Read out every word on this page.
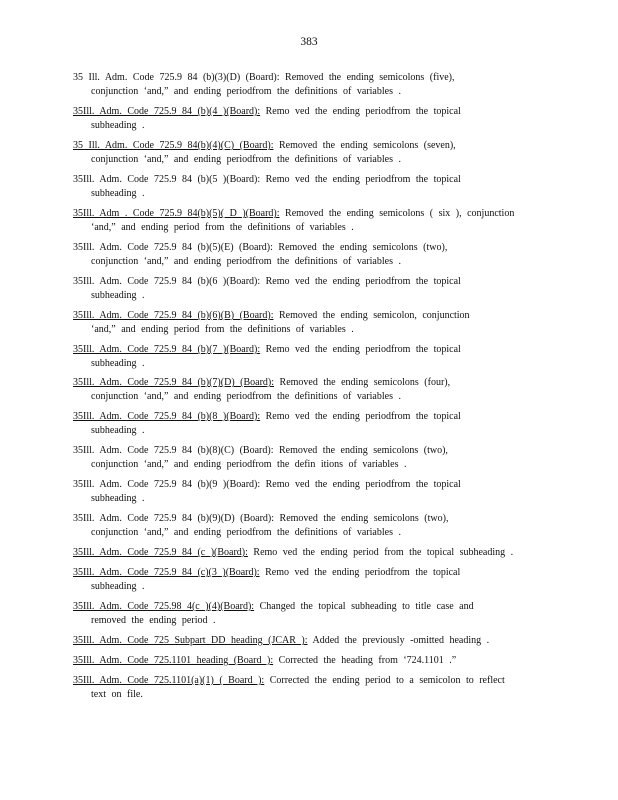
383
35 Ill. Adm. Code 725.9 84 (b)(3)(D) (Board): Removed the ending semicolons (five),
conjunction ‘and,” and ending periodfrom the definitions of variables .
35Ill. Adm. Code 725.9 84 (b)(4 )(Board): Remo ved the ending periodfrom the topical
subheading .
35 Ill. Adm. Code 725.9 84(b)(4)(C) (Board): Removed the ending semicolons (seven),
conjunction ‘and,” and ending periodfrom the definitions of variables .
35Ill. Adm. Code 725.9 84 (b)(5 )(Board): Remo ved the ending periodfrom the topical
subheading .
35Ill. Adm . Code 725.9 84(b)(5)( D )(Board): Removed the ending semicolons ( six ), conjunction
‘and,” and ending period from the definitions of variables .
35Ill. Adm. Code 725.9 84 (b)(5)(E) (Board): Removed the ending semicolons (two),
conjunction ‘and,” and ending periodfrom the definitions of variables .
35Ill. Adm. Code 725.9 84 (b)(6 )(Board): Remo ved the ending periodfrom the topical
subheading .
35Ill. Adm. Code 725.9 84 (b)(6)(B) (Board): Removed the ending semicolon, conjunction
‘and,” and ending period from the definitions of variables .
35Ill. Adm. Code 725.9 84 (b)(7 )(Board): Remo ved the ending periodfrom the topical
subheading .
35Ill. Adm. Code 725.9 84 (b)(7)(D) (Board): Removed the ending semicolons (four),
conjunction ‘and,” and ending periodfrom the definitions of variables .
35Ill. Adm. Code 725.9 84 (b)(8 )(Board): Remo ved the ending periodfrom the topical
subheading .
35Ill. Adm. Code 725.9 84 (b)(8)(C) (Board): Removed the ending semicolons (two),
conjunction ‘and,” and ending periodfrom the defin itions of variables .
35Ill. Adm. Code 725.9 84 (b)(9 )(Board): Remo ved the ending periodfrom the topical
subheading .
35Ill. Adm. Code 725.9 84 (b)(9)(D) (Board): Removed the ending semicolons (two),
conjunction ‘and,” and ending periodfrom the definitions of variables .
35Ill. Adm. Code 725.9 84 (c )(Board): Remo ved the ending period from the topical subheading .
35Ill. Adm. Code 725.9 84 (c)(3 )(Board): Remo ved the ending periodfrom the topical
subheading .
35Ill. Adm. Code 725.98 4(c )(4)(Board): Changed the topical subheading to title case and
removed the ending period .
35Ill. Adm. Code 725 Subpart DD heading (JCAR ): Added the previously -omitted heading .
35Ill. Adm. Code 725.1101 heading (Board ): Corrected the heading from ‘724.1101 .”
35Ill. Adm. Code 725.1101(a)(1) ( Board ): Corrected the ending period to a semicolon to reflect
text on file.
